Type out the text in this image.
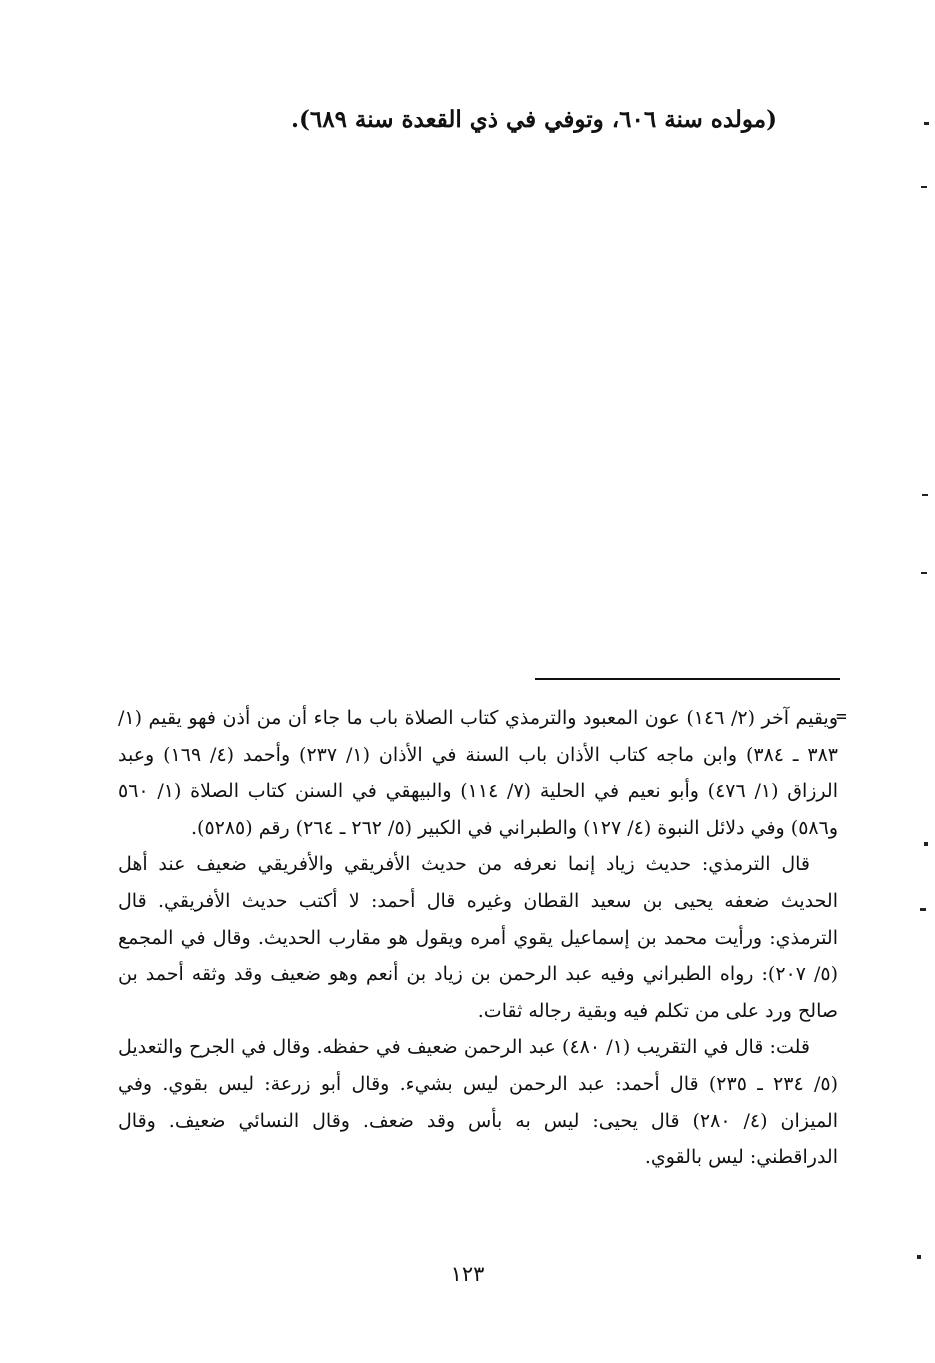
(مولده سنة ٦٠٦، وتوفي في ذي القعدة سنة ٦٨٩).
=

ويقيم آخر (٢/ ١٤٦) عون المعبود والترمذي كتاب الصلاة باب ما جاء أن من أذن فهو يقيم (١/ ٣٨٣ ـ ٣٨٤) وابن ماجه كتاب الأذان باب السنة في الأذان (١/ ٢٣٧) وأحمد (٤/ ١٦٩) وعبد الرزاق (١/ ٤٧٦) وأبو نعيم في الحلية (٧/ ١١٤) والبيهقي في السنن كتاب الصلاة (١/ ٥٦٠ و٥٨٦) وفي دلائل النبوة (٤/ ١٢٧) والطبراني في الكبير (٥/ ٢٦٢ ـ ٢٦٤) رقم (٥٢٨٥).

قال الترمذي: حديث زياد إنما نعرفه من حديث الأفريقي والأفريقي ضعيف عند أهل الحديث ضعفه يحيى بن سعيد القطان وغيره قال أحمد: لا أكتب حديث الأفريقي. قال الترمذي: ورأيت محمد بن إسماعيل يقوي أمره ويقول هو مقارب الحديث. وقال في المجمع (٥/ ٢٠٧): رواه الطبراني وفيه عبد الرحمن بن زياد بن أنعم وهو ضعيف وقد وثقه أحمد بن صالح ورد على من تكلم فيه وبقية رجاله ثقات.

قلت: قال في التقريب (١/ ٤٨٠) عبد الرحمن ضعيف في حفظه. وقال في الجرح والتعديل (٥/ ٢٣٤ ـ ٢٣٥) قال أحمد: عبد الرحمن ليس بشيء. وقال أبو زرعة: ليس بقوي. وفي الميزان (٤/ ٢٨٠) قال يحيى: ليس به بأس وقد ضعف. وقال النسائي ضعيف. وقال الدراقطني: ليس بالقوي.

١٢٣
